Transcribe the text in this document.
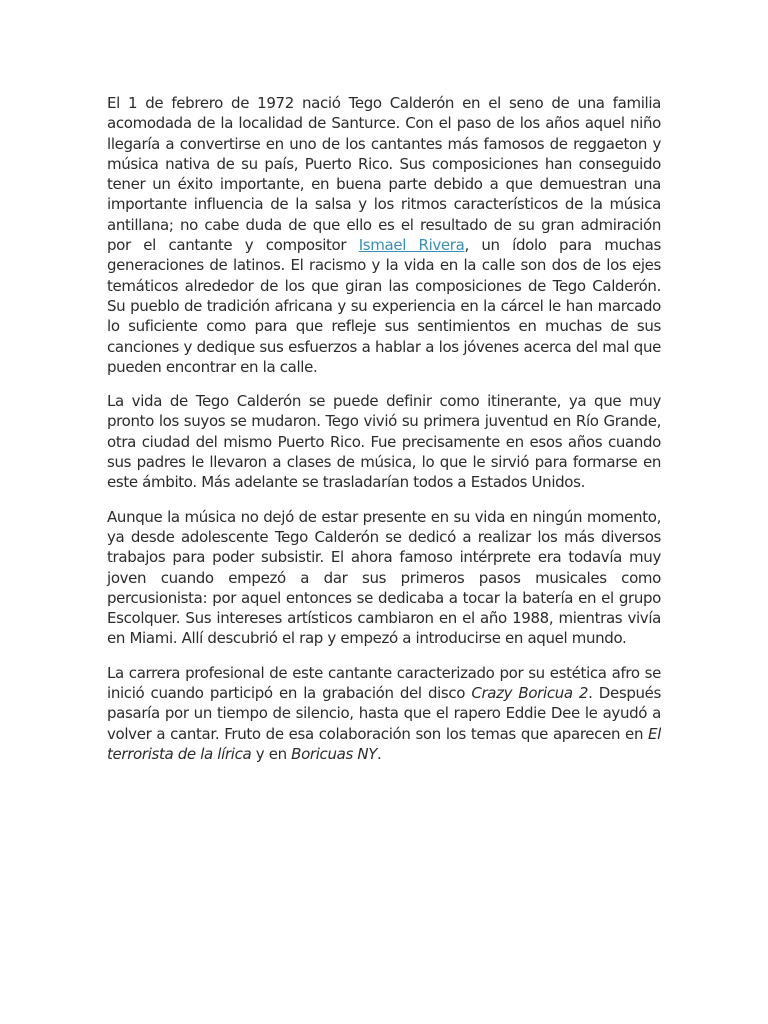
El 1 de febrero de 1972 nació Tego Calderón en el seno de una familia acomodada de la localidad de Santurce. Con el paso de los años aquel niño llegaría a convertirse en uno de los cantantes más famosos de reggaeton y música nativa de su país, Puerto Rico. Sus composiciones han conseguido tener un éxito importante, en buena parte debido a que demuestran una importante influencia de la salsa y los ritmos característicos de la música antillana; no cabe duda de que ello es el resultado de su gran admiración por el cantante y compositor Ismael Rivera, un ídolo para muchas generaciones de latinos. El racismo y la vida en la calle son dos de los ejes temáticos alrededor de los que giran las composiciones de Tego Calderón. Su pueblo de tradición africana y su experiencia en la cárcel le han marcado lo suficiente como para que refleje sus sentimientos en muchas de sus canciones y dedique sus esfuerzos a hablar a los jóvenes acerca del mal que pueden encontrar en la calle.

La vida de Tego Calderón se puede definir como itinerante, ya que muy pronto los suyos se mudaron. Tego vivió su primera juventud en Río Grande, otra ciudad del mismo Puerto Rico. Fue precisamente en esos años cuando sus padres le llevaron a clases de música, lo que le sirvió para formarse en este ámbito. Más adelante se trasladarían todos a Estados Unidos.

Aunque la música no dejó de estar presente en su vida en ningún momento, ya desde adolescente Tego Calderón se dedicó a realizar los más diversos trabajos para poder subsistir. El ahora famoso intérprete era todavía muy joven cuando empezó a dar sus primeros pasos musicales como percusionista: por aquel entonces se dedicaba a tocar la batería en el grupo Escolquer. Sus intereses artísticos cambiaron en el año 1988, mientras vivía en Miami. Allí descubrió el rap y empezó a introducirse en aquel mundo.

La carrera profesional de este cantante caracterizado por su estética afro se inició cuando participó en la grabación del disco Crazy Boricua 2. Después pasaría por un tiempo de silencio, hasta que el rapero Eddie Dee le ayudó a volver a cantar. Fruto de esa colaboración son los temas que aparecen en El terrorista de la lírica y en Boricuas NY.
